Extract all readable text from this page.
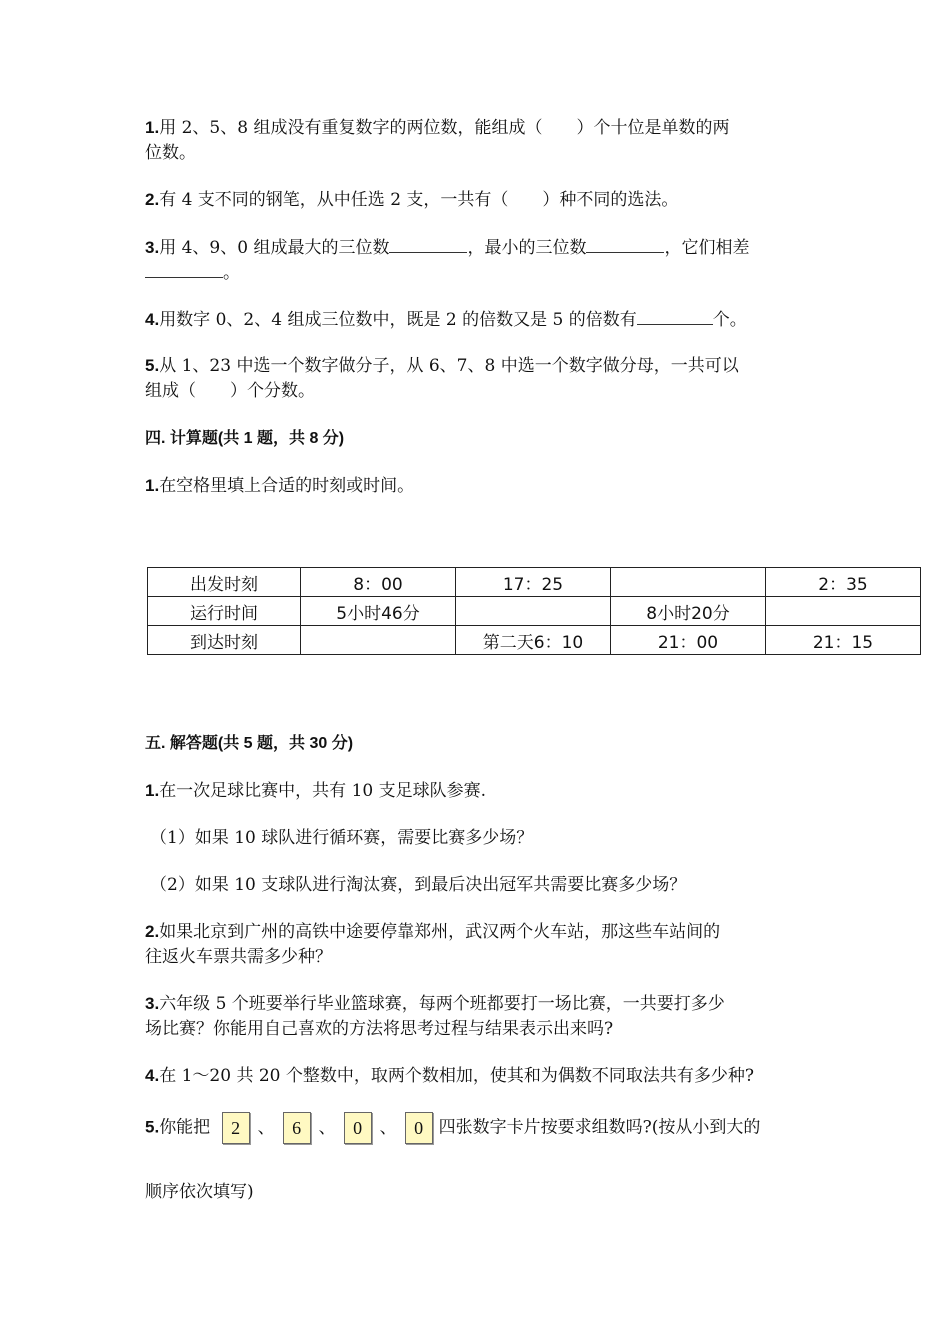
1.用 2、5、8 组成没有重复数字的两位数，能组成（　　）个十位是单数的两
位数。
2.有 4 支不同的钢笔，从中任选 2 支，一共有（　　）种不同的选法。
3.用 4、9、0 组成最大的三位数	，最小的三位数	，它们相差
。
4.用数字 0、2、4 组成三位数中，既是 2 的倍数又是 5 的倍数有	个。
5.从 1、23 中选一个数字做分子，从 6、7、8 中选一个数字做分母，一共可以
组成（　　）个分数。
四. 计算题(共 1 题，共 8 分)
1.在空格里填上合适的时刻或时间。
出发时刻	8：00	17：25		2：35
运行时间	5小时46分		8小时20分	
到达时刻		第二天6：10	21：00	21：15
五. 解答题(共 5 题，共 30 分)
1.在一次足球比赛中，共有 10 支足球队参赛.
（1）如果 10 球队进行循环赛，需要比赛多少场？
（2）如果 10 支球队进行淘汰赛，到最后决出冠军共需要比赛多少场？
2.如果北京到广州的高铁中途要停靠郑州，武汉两个火车站，那这些车站间的
往返火车票共需多少种？
3.六年级 5 个班要举行毕业篮球赛，每两个班都要打一场比赛，一共要打多少
场比赛？你能用自己喜欢的方法将思考过程与结果表示出来吗?
4.在 1～20 共 20 个整数中，取两个数相加，使其和为偶数不同取法共有多少种?
5.你能把 2 、 6 、 0 、 0 四张数字卡片按要求组数吗?(按从小到大的
顺序依次填写)
